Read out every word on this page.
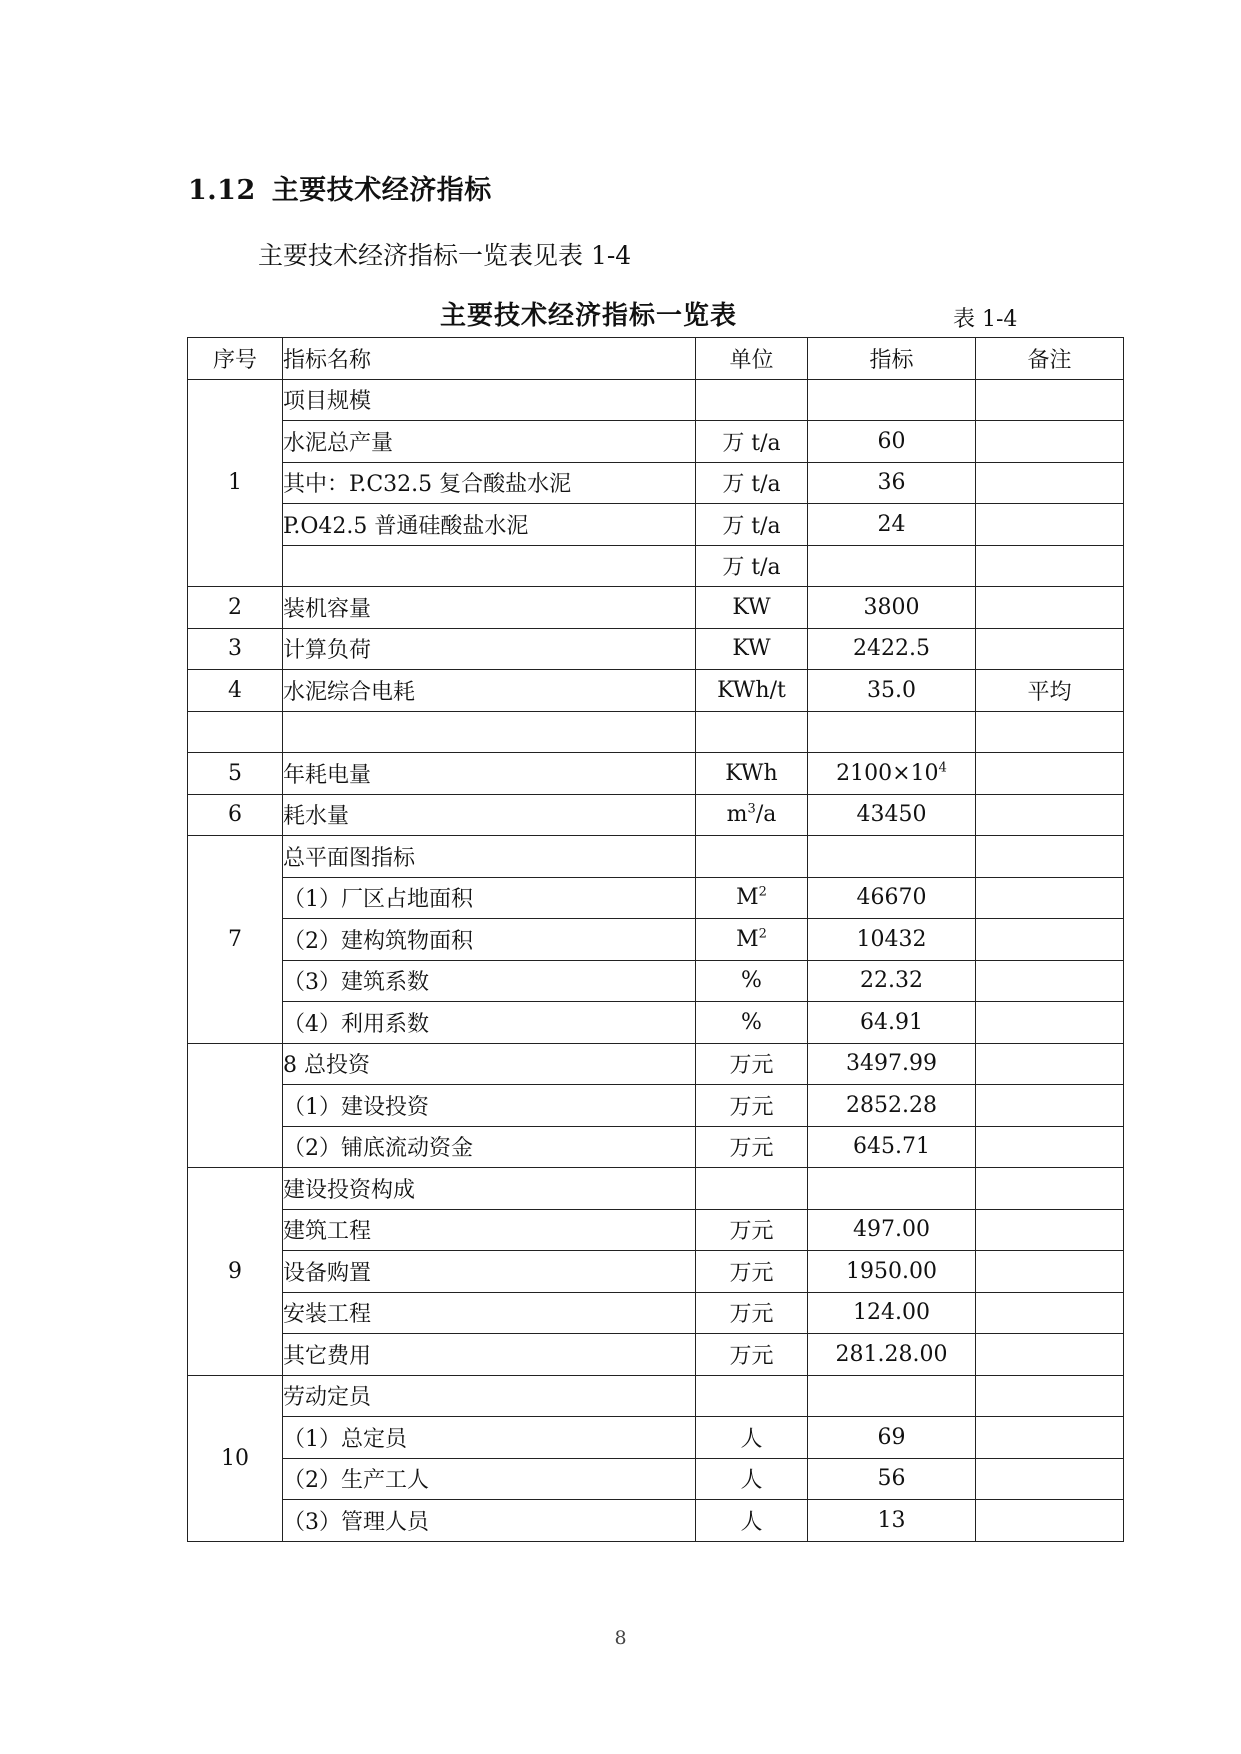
1.12 主要技术经济指标
主要技术经济指标一览表见表 1-4
主要技术经济指标一览表	表 1-4
序号	指标名称	单位	指标	备注
1	项目规模			
	水泥总产量	万 t/a	60	
	其中：P.C32.5 复合酸盐水泥	万 t/a	36	
	P.O42.5 普通硅酸盐水泥	万 t/a	24	
		万 t/a		
2	装机容量	KW	3800	
3	计算负荷	KW	2422.5	
4	水泥综合电耗	KWh/t	35.0	平均

5	年耗电量	KWh	$2100\times 10^4$	
6	耗水量	$m^3/a$	43450	
7	总平面图指标			
	（1）厂区占地面积	$M^2$	46670	
	（2）建构筑物面积	$M^2$	10432	
	（3）建筑系数	%	22.32	
	（4）利用系数	%	64.91	
	8 总投资	万元	3497.99	
	（1）建设投资	万元	2852.28	
	（2）铺底流动资金	万元	645.71	
9	建设投资构成			
	建筑工程	万元	497.00	
	设备购置	万元	1950.00	
	安装工程	万元	124.00	
	其它费用	万元	281.28.00	
10	劳动定员			
	（1）总定员	人	69	
	（2）生产工人	人	56	
	（3）管理人员	人	13	
8
